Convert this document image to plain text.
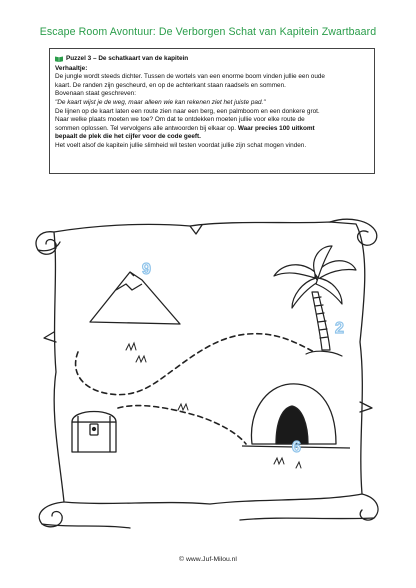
Escape Room Avontuur: De Verborgen Schat van Kapitein Zwartbaard
Puzzel 3 – De schatkaart van de kapitein
Verhaaltje:

De jungle wordt steeds dichter. Tussen de wortels van een enorme boom vinden jullie een oude

kaart. De randen zijn gescheurd, en op de achterkant staan raadsels en sommen.

Bovenaan staat geschreven:

"De kaart wijst je de weg, maar alleen wie kan rekenen ziet het juiste pad."

De lijnen op de kaart laten een route zien naar een berg, een palmboom en een donkere grot.

Naar welke plaats moeten we toe? Om dat te ontdekken moeten jullie voor elke route de

sommen oplossen. Tel vervolgens alle antwoorden bij elkaar op. Waar precies 100 uitkomt

bepaalt de plek die het cijfer voor de code geeft.

Het voelt alsof de kapitein jullie slimheid wil testen voordat jullie zijn schat mogen vinden.

9
2
6
© www.Juf-Milou.nl
